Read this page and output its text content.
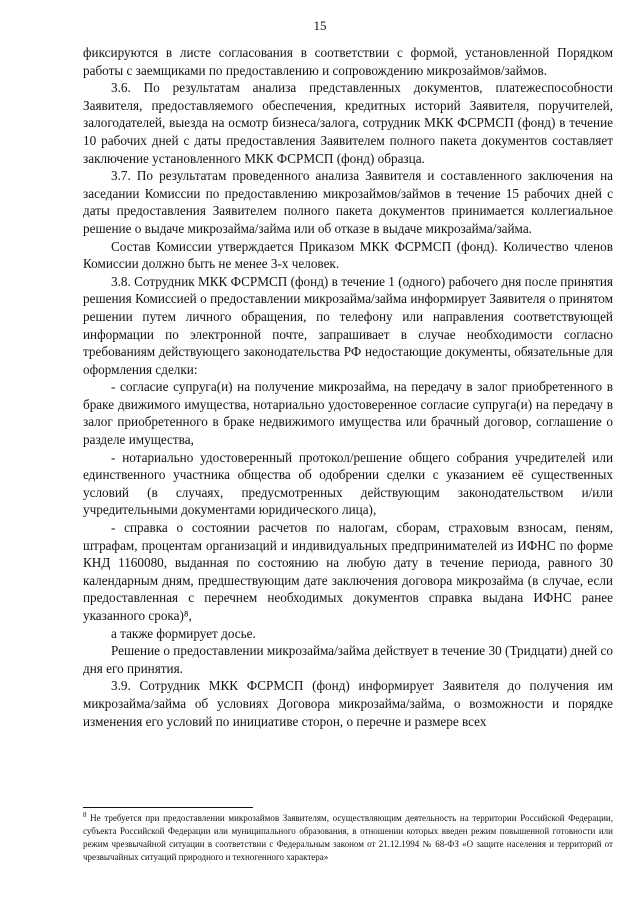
15

фиксируются в листе согласования в соответствии с формой, установленной Порядком работы с заемщиками по предоставлению и сопровождению микрозаймов/займов.

3.6. По результатам анализа представленных документов, платежеспособности Заявителя, предоставляемого обеспечения, кредитных историй Заявителя, поручителей, залогодателей, выезда на осмотр бизнеса/залога, сотрудник МКК ФСРМСП (фонд) в течение 10 рабочих дней с даты предоставления Заявителем полного пакета документов составляет заключение установленного МКК ФСРМСП (фонд) образца.

3.7. По результатам проведенного анализа Заявителя и составленного заключения на заседании Комиссии по предоставлению микрозаймов/займов в течение 15 рабочих дней с даты предоставления Заявителем полного пакета документов принимается коллегиальное решение о выдаче микрозайма/займа или об отказе в выдаче микрозайма/займа.

Состав Комиссии утверждается Приказом МКК ФСРМСП (фонд). Количество членов Комиссии должно быть не менее 3-х человек.

3.8. Сотрудник МКК ФСРМСП (фонд) в течение 1 (одного) рабочего дня после принятия решения Комиссией о предоставлении микрозайма/займа информирует Заявителя о принятом решении путем личного обращения, по телефону или направления соответствующей информации по электронной почте, запрашивает в случае необходимости согласно требованиям действующего законодательства РФ недостающие документы, обязательные для оформления сделки:

- согласие супруга(и) на получение микрозайма, на передачу в залог приобретенного в браке движимого имущества, нотариально удостоверенное согласие супруга(и) на передачу в залог приобретенного в браке недвижимого имущества или брачный договор, соглашение о разделе имущества,

- нотариально удостоверенный протокол/решение общего собрания учредителей или единственного участника общества об одобрении сделки с указанием её существенных условий (в случаях, предусмотренных действующим законодательством и/или учредительными документами юридического лица),

- справка о состоянии расчетов по налогам, сборам, страховым взносам, пеням, штрафам, процентам организаций и индивидуальных предпринимателей из ИФНС по форме КНД 1160080, выданная по состоянию на любую дату в течение периода, равного 30 календарным дням, предшествующим дате заключения договора микрозайма (в случае, если предоставленная с перечнем необходимых документов справка выдана ИФНС ранее указанного срока)⁸,

а также формирует досье.

Решение о предоставлении микрозайма/займа действует в течение 30 (Тридцати) дней со дня его принятия.

3.9. Сотрудник МКК ФСРМСП (фонд) информирует Заявителя до получения им микрозайма/займа об условиях Договора микрозайма/займа, о возможности и порядке изменения его условий по инициативе сторон, о перечне и размере всех

$^8$ Не требуется при предоставлении микрозаймов Заявителям, осуществляющим деятельность на территории Российской Федерации, субъекта Российской Федерации или муниципального образования, в отношении которых введен режим повышенной готовности или режим чрезвычайной ситуации в соответствии с Федеральным законом от 21.12.1994 № 68-ФЗ «О защите населения и территорий от чрезвычайных ситуаций природного и техногенного характера»
